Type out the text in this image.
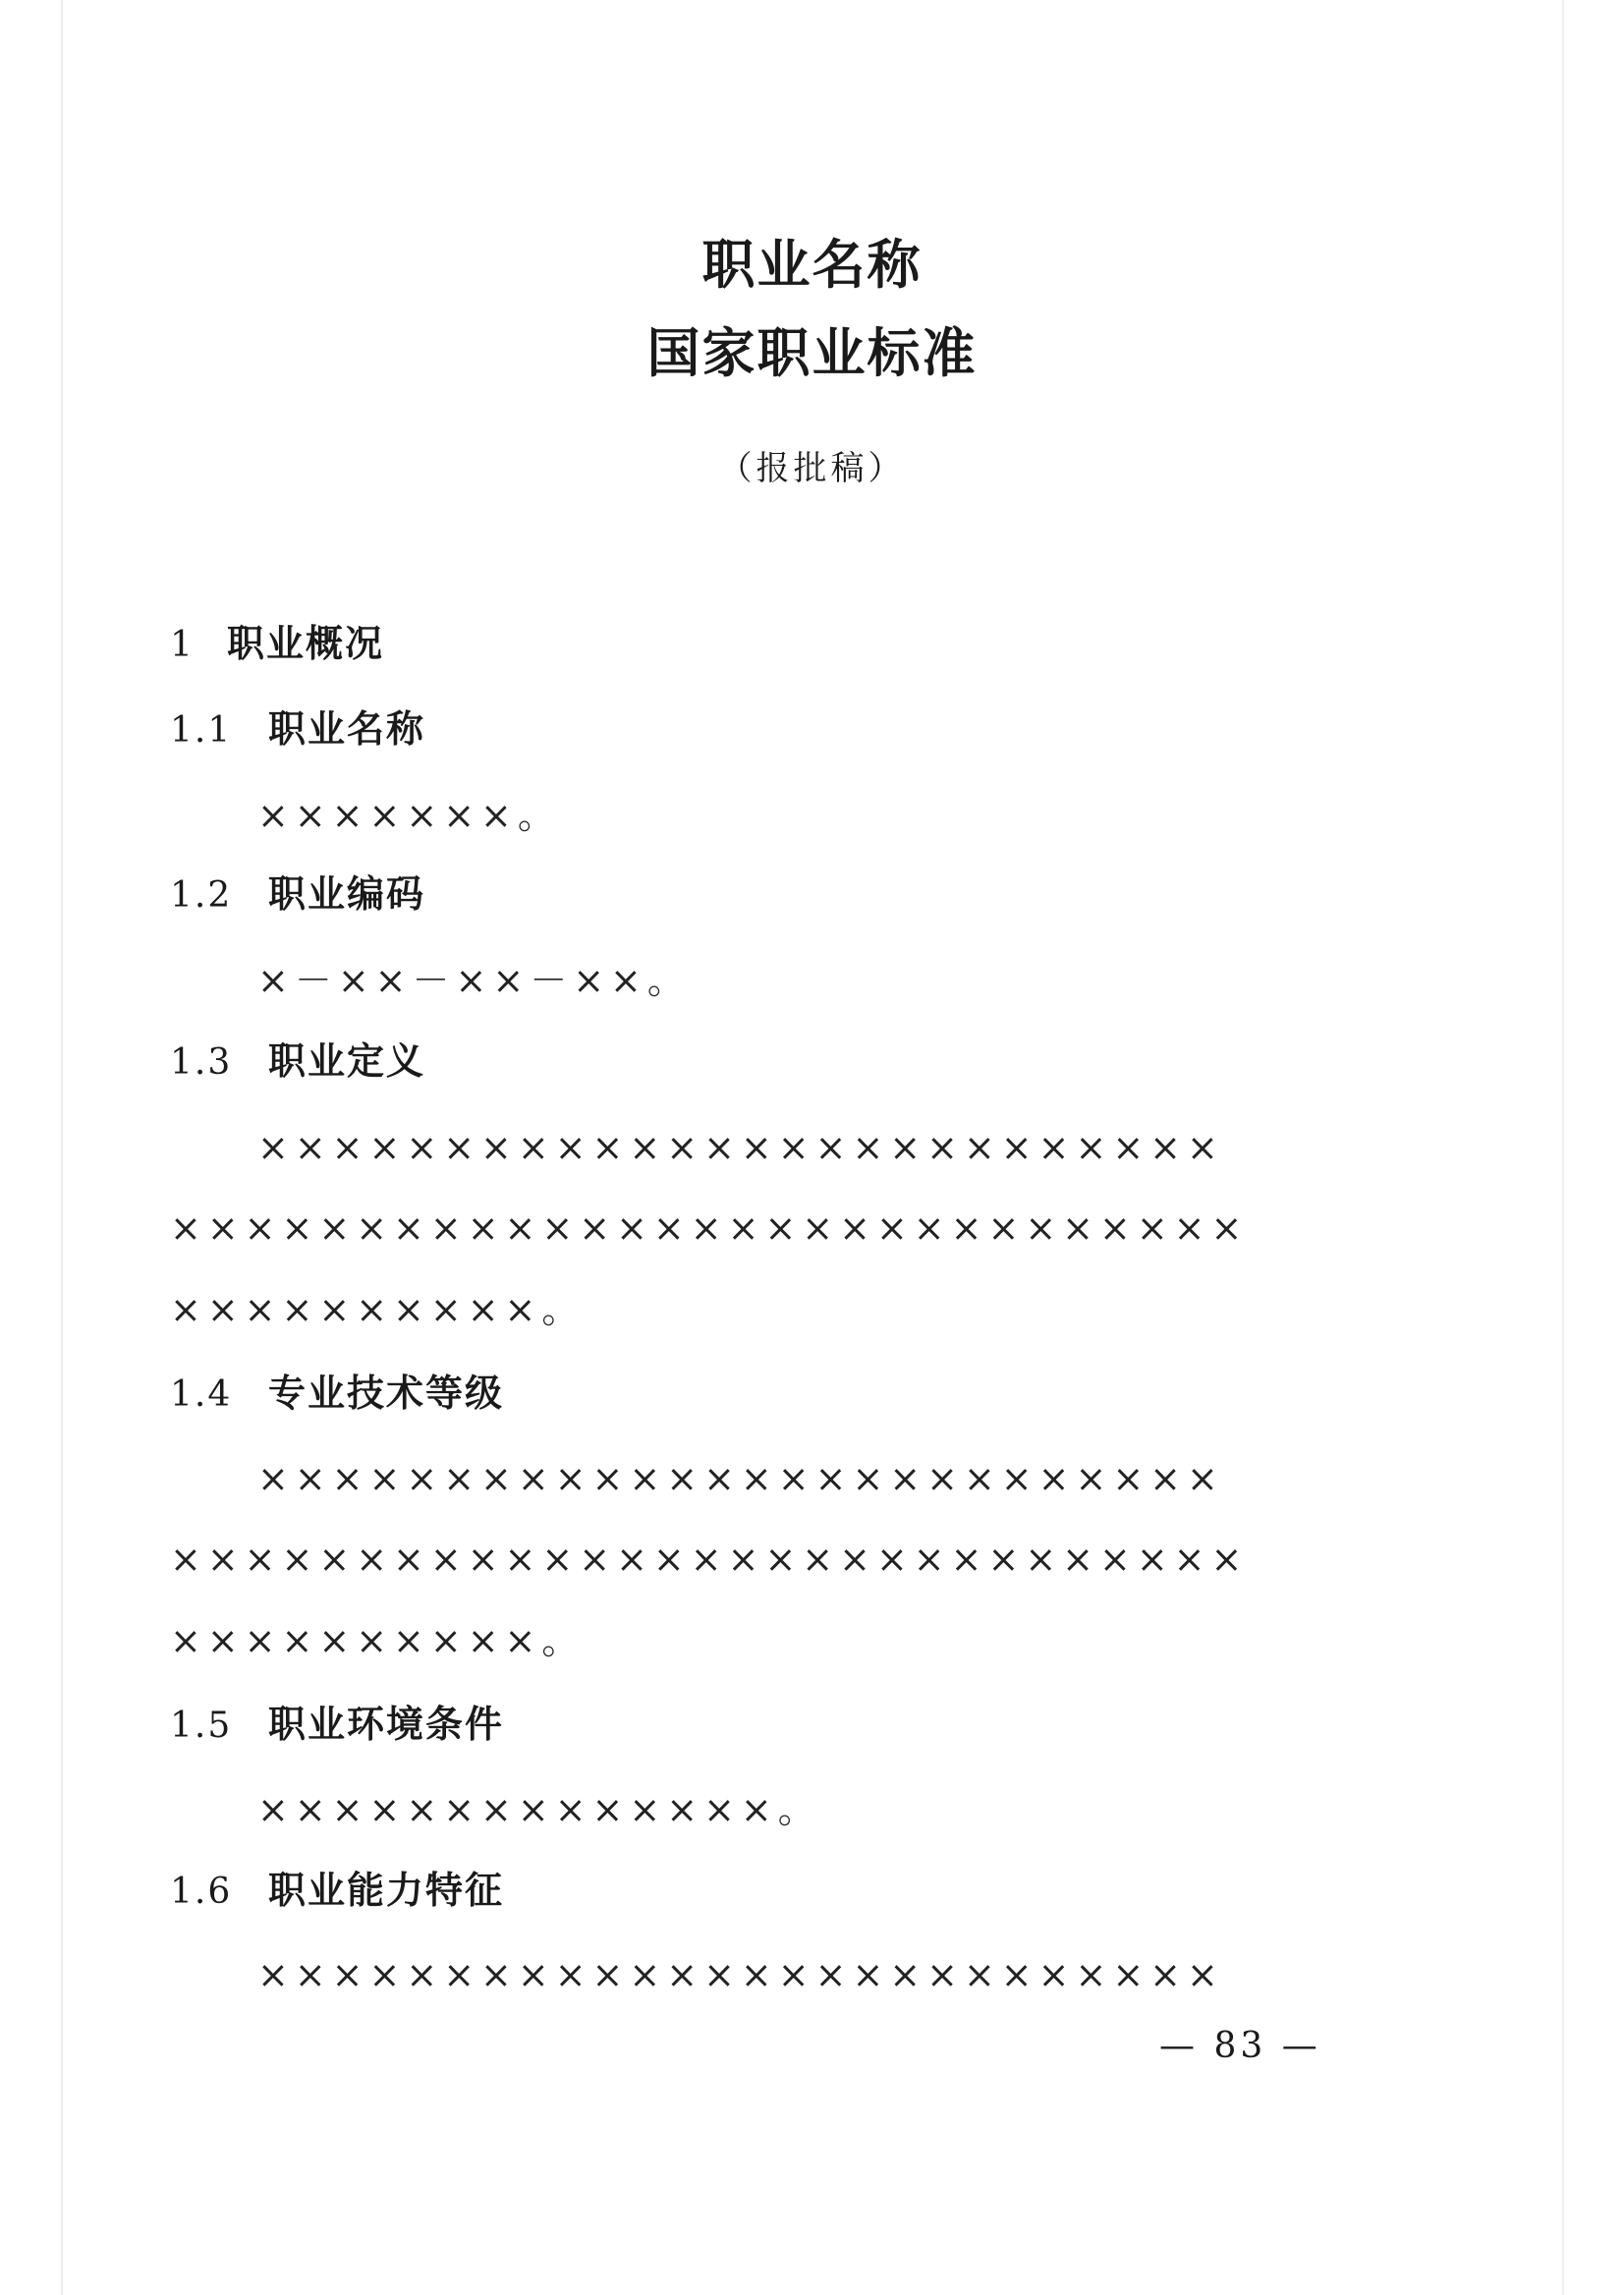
职业名称
国家职业标准
（报批稿）
1 职业概况
1.1 职业名称
×××××××。
1.2 职业编码
×－××－××－××。
1.3 职业定义
××××××××××××××××××××××××××
×××××××××××××××××××××××××××××
××××××××××。
1.4 专业技术等级
××××××××××××××××××××××××××
×××××××××××××××××××××××××××××
××××××××××。
1.5 职业环境条件
××××××××××××××。
1.6 职业能力特征
××××××××××××××××××××××××××
— 83 —
